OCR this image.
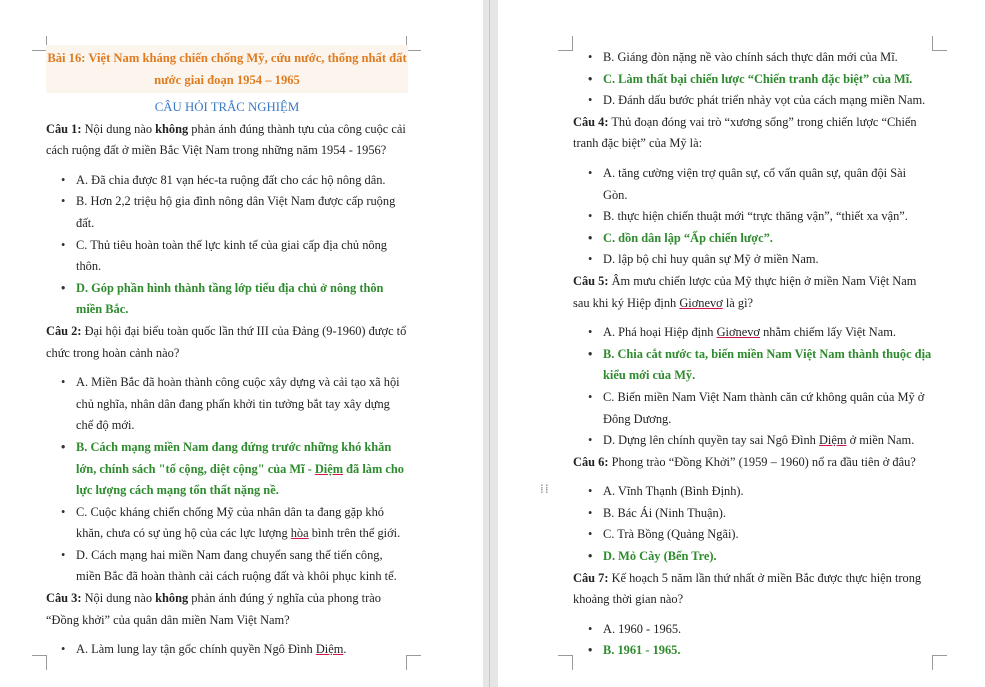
Bài 16: Việt Nam kháng chiến chống Mỹ, cứu nước, thống nhất đất nước giai đoạn 1954 – 1965
CÂU HỎI TRẮC NGHIỆM

Câu 1: Nội dung nào không phản ánh đúng thành tựu của công cuộc cải cách ruộng đất ở miền Bắc Việt Nam trong những năm 1954 - 1956?

• A. Đã chia được 81 vạn héc-ta ruộng đất cho các hộ nông dân.
• B. Hơn 2,2 triệu hộ gia đình nông dân Việt Nam được cấp ruộng đất.
• C. Thủ tiêu hoàn toàn thế lực kinh tế của giai cấp địa chủ nông thôn.
• D. Góp phần hình thành tầng lớp tiểu địa chủ ở nông thôn miền Bắc.

Câu 2: Đại hội đại biểu toàn quốc lần thứ III của Đảng (9-1960) được tổ chức trong hoàn cảnh nào?

• A. Miền Bắc đã hoàn thành công cuộc xây dựng và cải tạo xã hội chủ nghĩa, nhân dân đang phấn khởi tin tưởng bắt tay xây dựng chế độ mới.
• B. Cách mạng miền Nam đang đứng trước những khó khăn lớn, chính sách "tố cộng, diệt cộng" của Mĩ - Diệm đã làm cho lực lượng cách mạng tổn thất nặng nề.
• C. Cuộc kháng chiến chống Mỹ của nhân dân ta đang gặp khó khăn, chưa có sự ủng hộ của các lực lượng hòa bình trên thế giới.
• D. Cách mạng hai miền Nam đang chuyển sang thế tiến công, miền Bắc đã hoàn thành cải cách ruộng đất và khôi phục kinh tế.

Câu 3: Nội dung nào không phản ánh đúng ý nghĩa của phong trào “Đồng khởi” của quân dân miền Nam Việt Nam?

• A. Làm lung lay tận gốc chính quyền Ngô Đình Diệm.
• B. Giáng đòn nặng nề vào chính sách thực dân mới của Mĩ.
• C. Làm thất bại chiến lược “Chiến tranh đặc biệt” của Mĩ.
• D. Đánh dấu bước phát triển nhảy vọt của cách mạng miền Nam.

Câu 4: Thủ đoạn đóng vai trò “xương sống” trong chiến lược “Chiến tranh đặc biệt” của Mỹ là:

• A. tăng cường viện trợ quân sự, cố vấn quân sự, quân đội Sài Gòn.
• B. thực hiện chiến thuật mới “trực thăng vận”, “thiết xa vận”.
• C. dồn dân lập “Ấp chiến lược”.
• D. lập bộ chỉ huy quân sự Mỹ ở miền Nam.

Câu 5: Âm mưu chiến lược của Mỹ thực hiện ở miền Nam Việt Nam sau khi ký Hiệp định Giơnevơ là gì?

• A. Phá hoại Hiệp định Giơnevơ nhằm chiếm lấy Việt Nam.
• B. Chia cắt nước ta, biến miền Nam Việt Nam thành thuộc địa kiểu mới của Mỹ.
• C. Biến miền Nam Việt Nam thành căn cứ không quân của Mỹ ở Đông Dương.
• D. Dựng lên chính quyền tay sai Ngô Đình Diệm ở miền Nam.

Câu 6: Phong trào “Đồng Khởi” (1959 – 1960) nổ ra đầu tiên ở đâu?

• A. Vĩnh Thạnh (Bình Định).
• B. Bác Ái (Ninh Thuận).
• C. Trà Bồng (Quảng Ngãi).
• D. Mỏ Cày (Bến Tre).

Câu 7: Kế hoạch 5 năm lần thứ nhất ở miền Bắc được thực hiện trong khoảng thời gian nào?

• A. 1960 - 1965.
• B. 1961 - 1965.
⁞⁞
